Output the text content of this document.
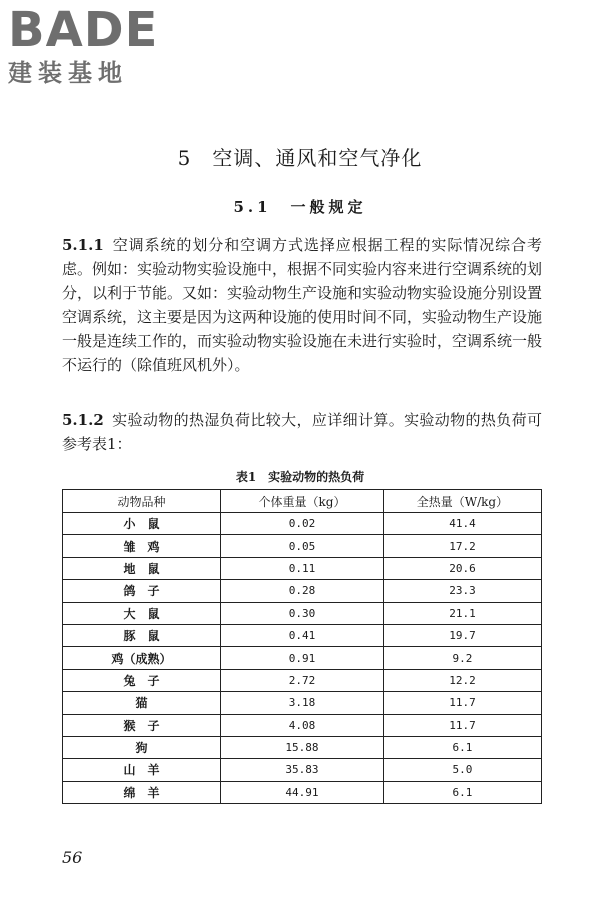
BADE
建装基地
5　空调、通风和空气净化
5.1　一般规定
5.1.1 空调系统的划分和空调方式选择应根据工程的实际情况综合考虑。例如：实验动物实验设施中，根据不同实验内容来进行空调系统的划分，以利于节能。又如：实验动物生产设施和实验动物实验设施分别设置空调系统，这主要是因为这两种设施的使用时间不同，实验动物生产设施一般是连续工作的，而实验动物实验设施在未进行实验时，空调系统一般不运行的（除值班风机外）。
5.1.2 实验动物的热湿负荷比较大，应详细计算。实验动物的热负荷可参考表1：
表1　实验动物的热负荷
动物品种	个体重量（kg）	全热量（W/kg）
小　鼠	0.02	41.4
雏　鸡	0.05	17.2
地　鼠	0.11	20.6
鸽　子	0.28	23.3
大　鼠	0.30	21.1
豚　鼠	0.41	19.7
鸡（成熟）	0.91	9.2
兔　子	2.72	12.2
猫	3.18	11.7
猴　子	4.08	11.7
狗	15.88	6.1
山　羊	35.83	5.0
绵　羊	44.91	6.1
56
